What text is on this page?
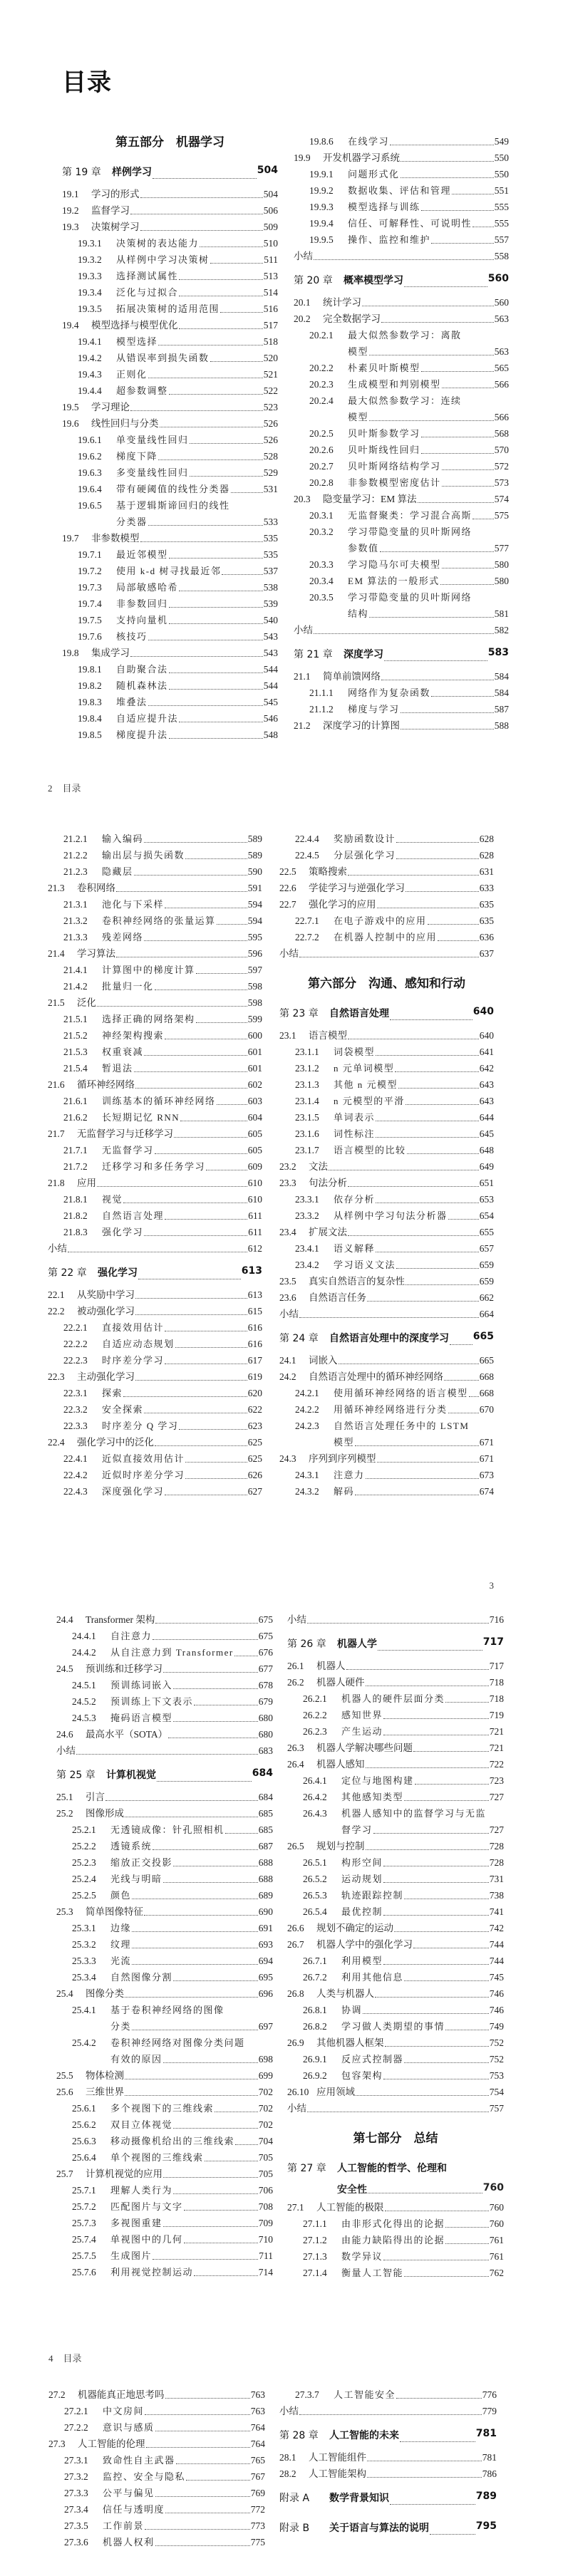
目录
第五部分　机器学习
第 19 章	样例学习	504
19.1	学习的形式	504
19.2	监督学习	506
19.3	决策树学习	509
19.3.1	决策树的表达能力	510
19.3.2	从样例中学习决策树	511
19.3.3	选择测试属性	513
19.3.4	泛化与过拟合	514
19.3.5	拓展决策树的适用范围	516
19.4	模型选择与模型优化	517
19.4.1	模型选择	518
19.4.2	从错误率到损失函数	520
19.4.3	正则化	521
19.4.4	超参数调整	522
19.5	学习理论	523
19.6	线性回归与分类	526
19.6.1	单变量线性回归	526
19.6.2	梯度下降	528
19.6.3	多变量线性回归	529
19.6.4	带有硬阈值的线性分类器	531
19.6.5	基于逻辑斯谛回归的线性
分类器	533
19.7	非参数模型	535
19.7.1	最近邻模型	535
19.7.2	使用 k-d 树寻找最近邻	537
19.7.3	局部敏感哈希	538
19.7.4	非参数回归	539
19.7.5	支持向量机	540
19.7.6	核技巧	543
19.8	集成学习	543
19.8.1	自助聚合法	544
19.8.2	随机森林法	544
19.8.3	堆叠法	545
19.8.4	自适应提升法	546
19.8.5	梯度提升法	548
19.8.6	在线学习	549
19.9	开发机器学习系统	550
19.9.1	问题形式化	550
19.9.2	数据收集、评估和管理	551
19.9.3	模型选择与训练	555
19.9.4	信任、可解释性、可说明性 555
19.9.5	操作、监控和维护	557
小结	558
第 20 章	概率模型学习	560
20.1	统计学习	560
20.2	完全数据学习	563
20.2.1	最大似然参数学习：离散
模型	563
20.2.2	朴素贝叶斯模型	565
20.2.3	生成模型和判别模型	566
20.2.4	最大似然参数学习：连续
模型	566
20.2.5	贝叶斯参数学习	568
20.2.6	贝叶斯线性回归	570
20.2.7	贝叶斯网络结构学习	572
20.2.8	非参数模型密度估计	573
20.3	隐变量学习：EM 算法	574
20.3.1	无监督聚类：学习混合高斯 575
20.3.2	学习带隐变量的贝叶斯网络
参数值	577
20.3.3	学习隐马尔可夫模型	580
20.3.4	EM 算法的一般形式	580
20.3.5	学习带隐变量的贝叶斯网络
结构	581
小结	582
第 21 章	深度学习	583
21.1	简单前馈网络	584
21.1.1	网络作为复杂函数	584
21.1.2	梯度与学习	587
21.2	深度学习的计算图	588
2 目录
21.2.1	输入编码	589
21.2.2	输出层与损失函数	589
21.2.3	隐藏层	590
21.3	卷积网络	591
21.3.1	池化与下采样	594
21.3.2	卷积神经网络的张量运算	594
21.3.3	残差网络	595
21.4	学习算法	596
21.4.1	计算图中的梯度计算	597
21.4.2	批量归一化	598
21.5	泛化	598
21.5.1	选择正确的网络架构	599
21.5.2	神经架构搜索	600
21.5.3	权重衰减	601
21.5.4	暂退法	601
21.6	循环神经网络	602
21.6.1	训练基本的循环神经网络	603
21.6.2	长短期记忆 RNN	604
21.7	无监督学习与迁移学习	605
21.7.1	无监督学习	605
21.7.2	迁移学习和多任务学习	609
21.8	应用	610
21.8.1	视觉	610
21.8.2	自然语言处理	611
21.8.3	强化学习	611
小结	612
第 22 章	强化学习	613
22.1	从奖励中学习	613
22.2	被动强化学习	615
22.2.1	直接效用估计	616
22.2.2	自适应动态规划	616
22.2.3	时序差分学习	617
22.3	主动强化学习	619
22.3.1	探索	620
22.3.2	安全探索	622
22.3.3	时序差分 Q 学习	623
22.4	强化学习中的泛化	625
22.4.1	近似直接效用估计	625
22.4.2	近似时序差分学习	626
22.4.3	深度强化学习	627
22.4.4	奖励函数设计	628
22.4.5	分层强化学习	628
22.5	策略搜索	631
22.6	学徒学习与逆强化学习	633
22.7	强化学习的应用	635
22.7.1	在电子游戏中的应用	635
22.7.2	在机器人控制中的应用	636
小结	637
第六部分　沟通、感知和行动
第 23 章	自然语言处理	640
23.1	语言模型	640
23.1.1	词袋模型	641
23.1.2	n 元单词模型	642
23.1.3	其他 n 元模型	643
23.1.4	n 元模型的平滑	643
23.1.5	单词表示	644
23.1.6	词性标注	645
23.1.7	语言模型的比较	648
23.2	文法	649
23.3	句法分析	651
23.3.1	依存分析	653
23.3.2	从样例中学习句法分析器	654
23.4	扩展文法	655
23.4.1	语义解释	657
23.4.2	学习语义文法	659
23.5	真实自然语言的复杂性	659
23.6	自然语言任务	662
小结	664
第 24 章	自然语言处理中的深度学习 665
24.1	词嵌入	665
24.2	自然语言处理中的循环神经网络	668
24.2.1	使用循环神经网络的语言模型 668
24.2.2	用循环神经网络进行分类	670
24.2.3	自然语言处理任务中的 LSTM
模型	671
24.3	序列到序列模型	671
24.3.1	注意力	673
24.3.2	解码	674
3
24.4	Transformer 架构	675
24.4.1	自注意力	675
24.4.2	从自注意力到 Transformer	676
24.5	预训练和迁移学习	677
24.5.1	预训练词嵌入	678
24.5.2	预训练上下文表示	679
24.5.3	掩码语言模型	680
24.6	最高水平（SOTA）	680
小结	683
第 25 章	计算机视觉	684
25.1	引言	684
25.2	图像形成	685
25.2.1	无透镜成像：针孔照相机	685
25.2.2	透镜系统	687
25.2.3	缩放正交投影	688
25.2.4	光线与明暗	688
25.2.5	颜色	689
25.3	简单图像特征	690
25.3.1	边缘	691
25.3.2	纹理	693
25.3.3	光流	694
25.3.4	自然图像分割	695
25.4	图像分类	696
25.4.1	基于卷积神经网络的图像
分类	697
25.4.2	卷积神经网络对图像分类问题
有效的原因	698
25.5	物体检测	699
25.6	三维世界	702
25.6.1	多个视图下的三维线索	702
25.6.2	双目立体视觉	702
25.6.3	移动摄像机给出的三维线索 704
25.6.4	单个视图的三维线索	705
25.7	计算机视觉的应用	705
25.7.1	理解人类行为	706
25.7.2	匹配图片与文字	708
25.7.3	多视图重建	709
25.7.4	单视图中的几何	710
25.7.5	生成图片	711
25.7.6	利用视觉控制运动	714
小结	716
第 26 章	机器人学	717
26.1	机器人	717
26.2	机器人硬件	718
26.2.1	机器人的硬件层面分类	718
26.2.2	感知世界	719
26.2.3	产生运动	721
26.3	机器人学解决哪些问题	721
26.4	机器人感知	722
26.4.1	定位与地图构建	723
26.4.2	其他感知类型	727
26.4.3	机器人感知中的监督学习与无监
督学习	727
26.5	规划与控制	728
26.5.1	构形空间	728
26.5.2	运动规划	731
26.5.3	轨迹跟踪控制	738
26.5.4	最优控制	741
26.6	规划不确定的运动	742
26.7	机器人学中的强化学习	744
26.7.1	利用模型	744
26.7.2	利用其他信息	745
26.8	人类与机器人	746
26.8.1	协调	746
26.8.2	学习做人类期望的事情	749
26.9	其他机器人框架	752
26.9.1	反应式控制器	752
26.9.2	包容架构	753
26.10 应用领域	754
小结	757
第七部分　总结
第 27 章	人工智能的哲学、伦理和
安全性	760
27.1	人工智能的极限	760
27.1.1	由非形式化得出的论据	760
27.1.2	由能力缺陷得出的论据	761
27.1.3	数学异议	761
27.1.4	衡量人工智能	762
4 目录
27.2	机器能真正地思考吗	763
27.2.1	中文房间	763
27.2.2	意识与感质	764
27.3	人工智能的伦理	764
27.3.1	致命性自主武器	765
27.3.2	监控、安全与隐私	767
27.3.3	公平与偏见	769
27.3.4	信任与透明度	772
27.3.5	工作前景	773
27.3.6	机器人权利	775
27.3.7	人工智能安全	776
小结	779
第 28 章	人工智能的未来	781
28.1	人工智能组件	781
28.2	人工智能架构	786
附录 A	数学背景知识	789
附录 B	关于语言与算法的说明	795
